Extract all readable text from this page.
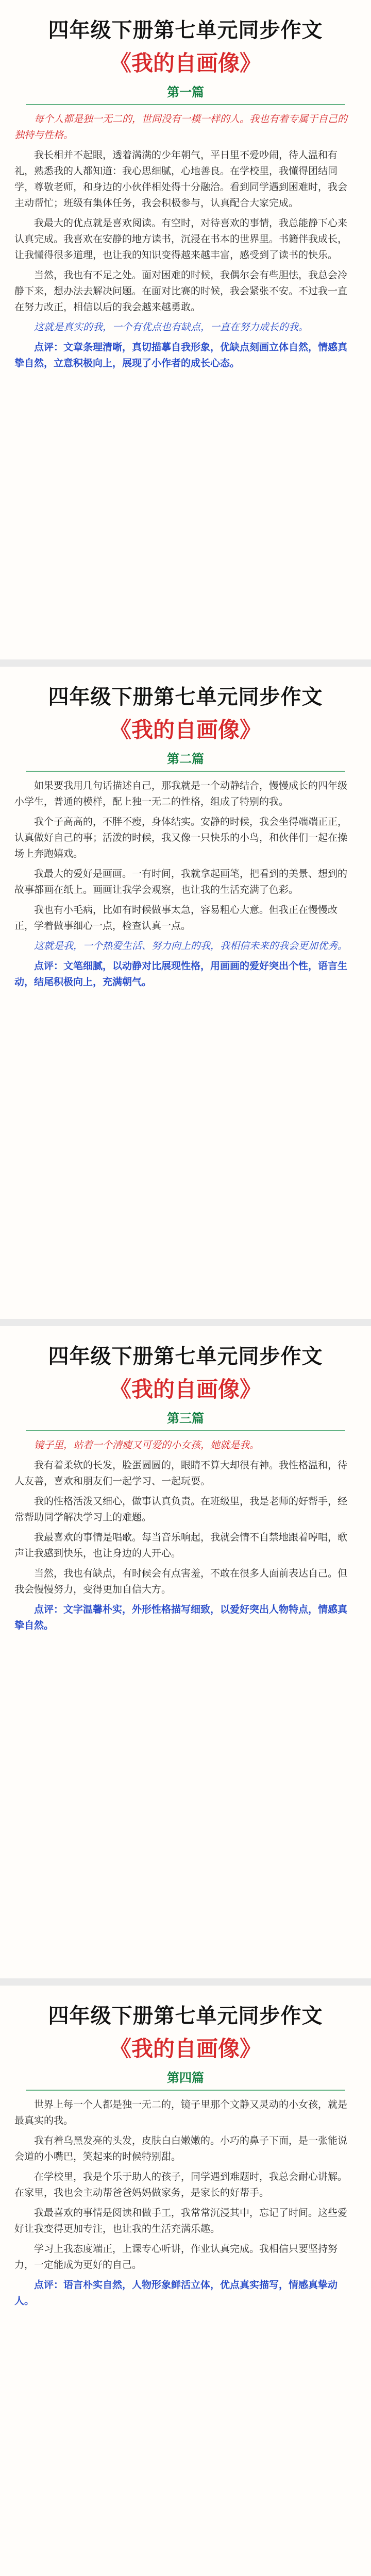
四年级下册第七单元同步作文
《我的自画像》
第一篇

每个人都是独一无二的，世间没有一模一样的人。我也有着专属于自己的独特与性格。

我长相并不起眼，透着满满的少年朝气，平日里不爱吵闹，待人温和有礼，熟悉我的人都知道：我心思细腻，心地善良。在学校里，我懂得团结同学，尊敬老师，和身边的小伙伴相处得十分融洽。看到同学遇到困难时，我会主动帮忙；班级有集体任务，我会积极参与，认真配合大家完成。

我最大的优点就是喜欢阅读。有空时，对待喜欢的事情，我总能静下心来认真完成。我喜欢在安静的地方读书，沉浸在书本的世界里。书籍伴我成长，让我懂得很多道理，也让我的知识变得越来越丰富，感受到了读书的快乐。

当然，我也有不足之处。面对困难的时候，我偶尔会有些胆怯，我总会冷静下来，想办法去解决问题。在面对比赛的时候，我会紧张不安。不过我一直在努力改正，相信以后的我会越来越勇敢。

这就是真实的我，一个有优点也有缺点，一直在努力成长的我。

点评：文章条理清晰，真切描摹自我形象，优缺点刻画立体自然，情感真挚自然，立意积极向上，展现了小作者的成长心态。

四年级下册第七单元同步作文
《我的自画像》
第二篇

如果要我用几句话描述自己，那我就是一个动静结合，慢慢成长的四年级小学生，普通的模样，配上独一无二的性格，组成了特别的我。

我个子高高的，不胖不瘦，身体结实。安静的时候，我会坐得端端正正，认真做好自己的事；活泼的时候，我又像一只快乐的小鸟，和伙伴们一起在操场上奔跑嬉戏。

我最大的爱好是画画。一有时间，我就拿起画笔，把看到的美景、想到的故事都画在纸上。画画让我学会观察，也让我的生活充满了色彩。

我也有小毛病，比如有时候做事太急，容易粗心大意。但我正在慢慢改正，学着做事细心一点，检查认真一点。

这就是我，一个热爱生活、努力向上的我，我相信未来的我会更加优秀。

点评：文笔细腻，以动静对比展现性格，用画画的爱好突出个性，语言生动，结尾积极向上，充满朝气。

四年级下册第七单元同步作文
《我的自画像》
第三篇

镜子里，站着一个清瘦又可爱的小女孩，她就是我。

我有着柔软的长发，脸蛋圆圆的，眼睛不算大却很有神。我性格温和，待人友善，喜欢和朋友们一起学习、一起玩耍。

我的性格活泼又细心，做事认真负责。在班级里，我是老师的好帮手，经常帮助同学解决学习上的难题。

我最喜欢的事情是唱歌。每当音乐响起，我就会情不自禁地跟着哼唱，歌声让我感到快乐，也让身边的人开心。

当然，我也有缺点，有时候会有点害羞，不敢在很多人面前表达自己。但我会慢慢努力，变得更加自信大方。

点评：文字温馨朴实，外形性格描写细致，以爱好突出人物特点，情感真挚自然。

四年级下册第七单元同步作文
《我的自画像》
第四篇

世界上每一个人都是独一无二的，镜子里那个文静又灵动的小女孩，就是最真实的我。

我有着乌黑发亮的头发，皮肤白白嫩嫩的。小巧的鼻子下面，是一张能说会道的小嘴巴，笑起来的时候特别甜。

在学校里，我是个乐于助人的孩子，同学遇到难题时，我总会耐心讲解。在家里，我也会主动帮爸爸妈妈做家务，是家长的好帮手。

我最喜欢的事情是阅读和做手工，我常常沉浸其中，忘记了时间。这些爱好让我变得更加专注，也让我的生活充满乐趣。

学习上我态度端正，上课专心听讲，作业认真完成。我相信只要坚持努力，一定能成为更好的自己。

点评：语言朴实自然，人物形象鲜活立体，优点真实描写，情感真挚动人。
